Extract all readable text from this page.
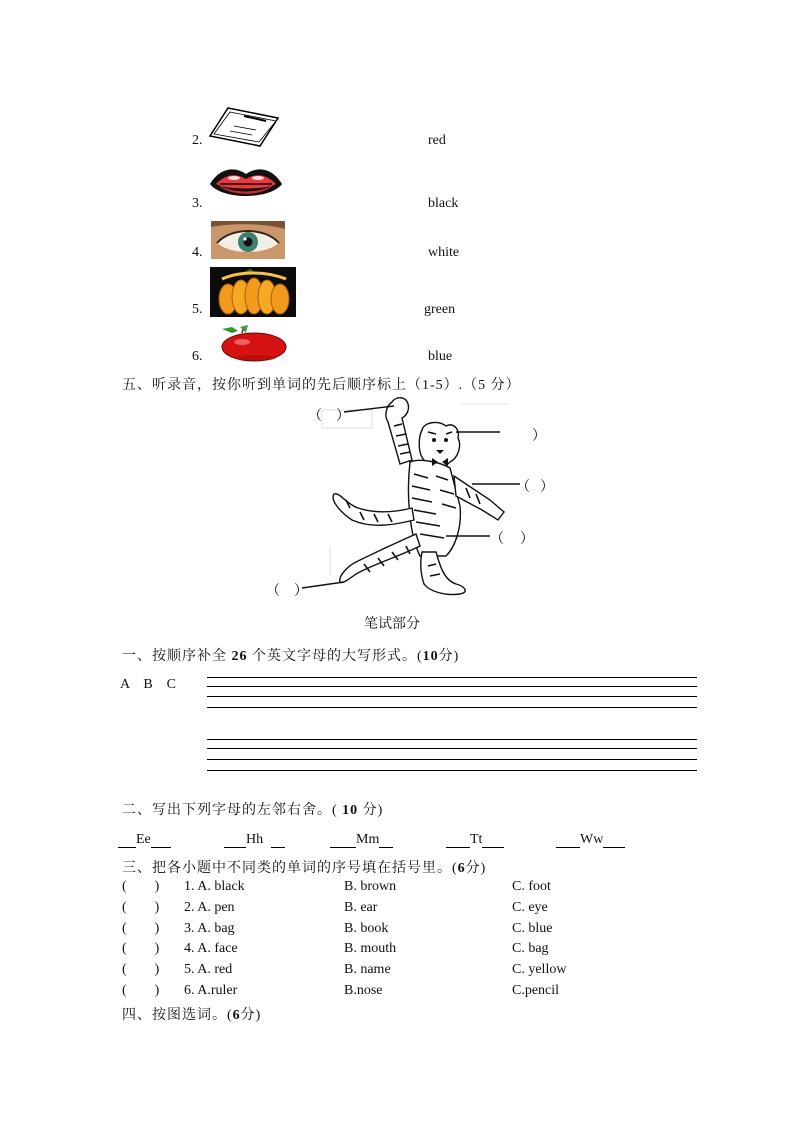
2.	red
3.	black
4.	white
5.	green
6.	blue
五、听录音，按你听到单词的先后顺序标上（1-5）.（5 分）
（ ）
）
（ ）
（ ）
（ ）
笔试部分
一、按顺序补全 26 个英文字母的大写形式。(10分)
A    B    C
二、写出下列字母的左邻右舍。( 10 分)
Ee	Hh	Mm	Tt	Ww
三、把各小题中不同类的单词的序号填在括号里。(6分)
(        ) 1. A. black	B. brown	C. foot
(        ) 2. A. pen	B. ear	C. eye
(        ) 3. A. bag	B. book	C. blue
(        ) 4. A. face	B. mouth	C. bag
(        ) 5. A. red	B. name	C. yellow
(        ) 6. A.ruler	B.nose	C.pencil
四、按图选词。(6分)
